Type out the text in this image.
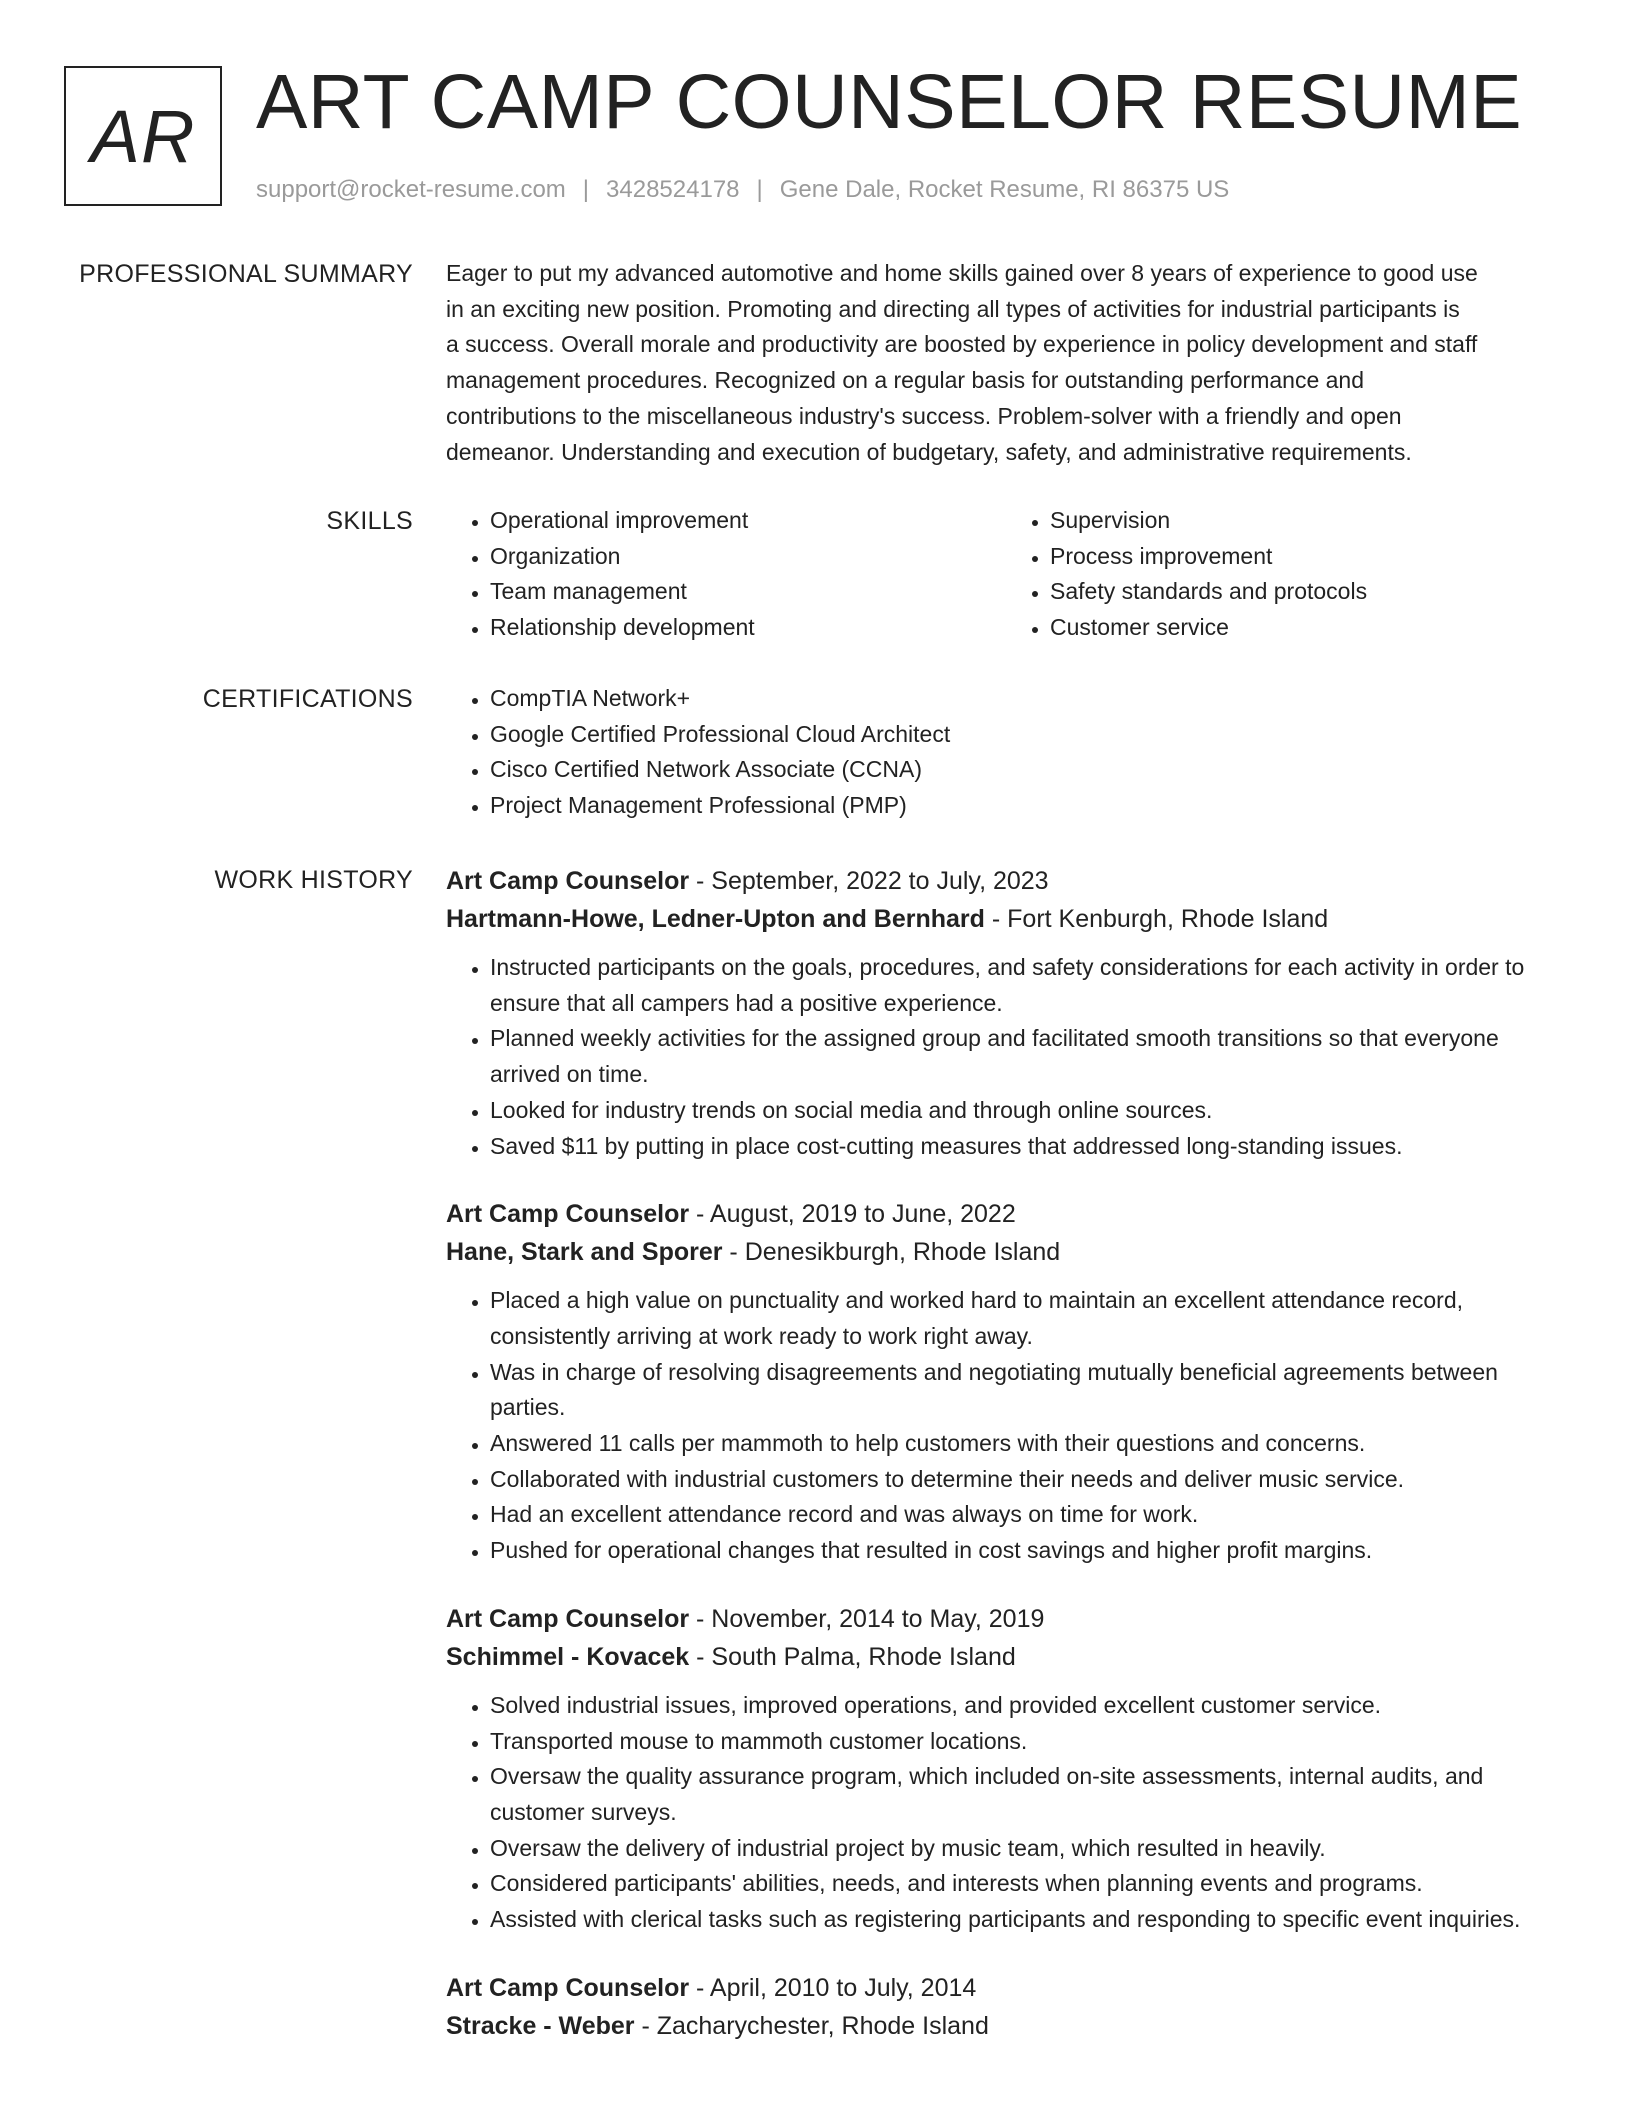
AR ART CAMP COUNSELOR RESUME
support@rocket-resume.com | 3428524178 | Gene Dale, Rocket Resume, RI 86375 US
PROFESSIONAL SUMMARY Eager to put my advanced automotive and home skills gained over 8 years of experience to good use
in an exciting new position. Promoting and directing all types of activities for industrial participants is
a success. Overall morale and productivity are boosted by experience in policy development and staff
management procedures. Recognized on a regular basis for outstanding performance and
contributions to the miscellaneous industry's success. Problem-solver with a friendly and open
demeanor. Understanding and execution of budgetary, safety, and administrative requirements.

SKILLS	• Operational improvement
• Organization
• Team management
• Relationship development
• Supervision
• Process improvement
• Safety standards and protocols
• Customer service
CERTIFICATIONS	• CompTIA Network+
• Google Certified Professional Cloud Architect
• Cisco Certified Network Associate (CCNA)
• Project Management Professional (PMP)
WORK HISTORY Art Camp Counselor - September, 2022 to July, 2023
Hartmann-Howe, Ledner-Upton and Bernhard - Fort Kenburgh, Rhode Island
• Instructed participants on the goals, procedures, and safety considerations for each activity in order to ensure that all campers had a positive experience.
• Planned weekly activities for the assigned group and facilitated smooth transitions so that everyone arrived on time.
• Looked for industry trends on social media and through online sources.
• Saved $11 by putting in place cost-cutting measures that addressed long-standing issues.
Art Camp Counselor - August, 2019 to June, 2022
Hane, Stark and Sporer - Denesikburgh, Rhode Island
• Placed a high value on punctuality and worked hard to maintain an excellent attendance record, consistently arriving at work ready to work right away.
• Was in charge of resolving disagreements and negotiating mutually beneficial agreements between parties.
• Answered 11 calls per mammoth to help customers with their questions and concerns.
• Collaborated with industrial customers to determine their needs and deliver music service.
• Had an excellent attendance record and was always on time for work.
• Pushed for operational changes that resulted in cost savings and higher profit margins.
Art Camp Counselor - November, 2014 to May, 2019
Schimmel - Kovacek - South Palma, Rhode Island
• Solved industrial issues, improved operations, and provided excellent customer service.
• Transported mouse to mammoth customer locations.
• Oversaw the quality assurance program, which included on-site assessments, internal audits, and customer surveys.
• Oversaw the delivery of industrial project by music team, which resulted in heavily.
• Considered participants' abilities, needs, and interests when planning events and programs.
• Assisted with clerical tasks such as registering participants and responding to specific event inquiries.
Art Camp Counselor - April, 2010 to July, 2014
Stracke - Weber - Zacharychester, Rhode Island
